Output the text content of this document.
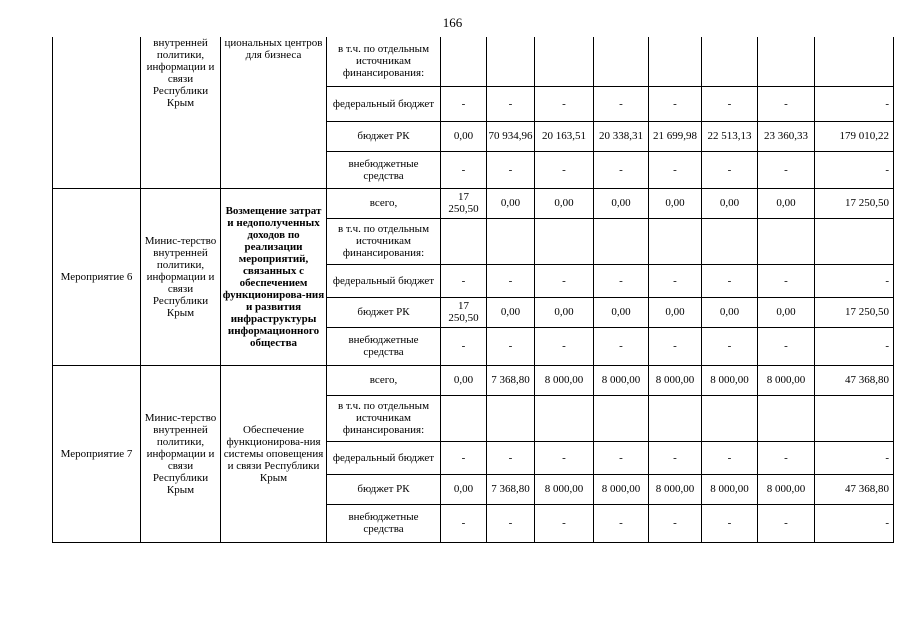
166
	внутренней политики, информации и связи Республики Крым	циональных центров для бизнеса	в т.ч. по отдельным источникам финансирования:								
			федеральный бюджет	-	-	-	-	-	-	-	-
			бюджет РК	0,00	70 934,96	20 163,51	20 338,31	21 699,98	22 513,13	23 360,33	179 010,22
			внебюджетные средства	-	-	-	-	-	-	-	-
Мероприятие 6	Минис-терство внутренней политики, информации и связи Республики Крым	Возмещение затрат и недополученных доходов по реализации мероприятий, связанных с обеспечением функционирова-ния и развития инфраструктуры информационного общества	всего,	17 250,50	0,00	0,00	0,00	0,00	0,00	0,00	17 250,50
			в т.ч. по отдельным источникам финансирования:								
			федеральный бюджет	-	-	-	-	-	-	-	-
			бюджет РК	17 250,50	0,00	0,00	0,00	0,00	0,00	0,00	17 250,50
			внебюджетные средства	-	-	-	-	-	-	-	-
Мероприятие 7	Минис-терство внутренней политики, информации и связи Республики Крым	Обеспечение функционирова-ния системы оповещения и связи Республики Крым	всего,	0,00	7 368,80	8 000,00	8 000,00	8 000,00	8 000,00	8 000,00	47 368,80
			в т.ч. по отдельным источникам финансирования:								
			федеральный бюджет	-	-	-	-	-	-	-	-
			бюджет РК	0,00	7 368,80	8 000,00	8 000,00	8 000,00	8 000,00	8 000,00	47 368,80
			внебюджетные средства	-	-	-	-	-	-	-	-
